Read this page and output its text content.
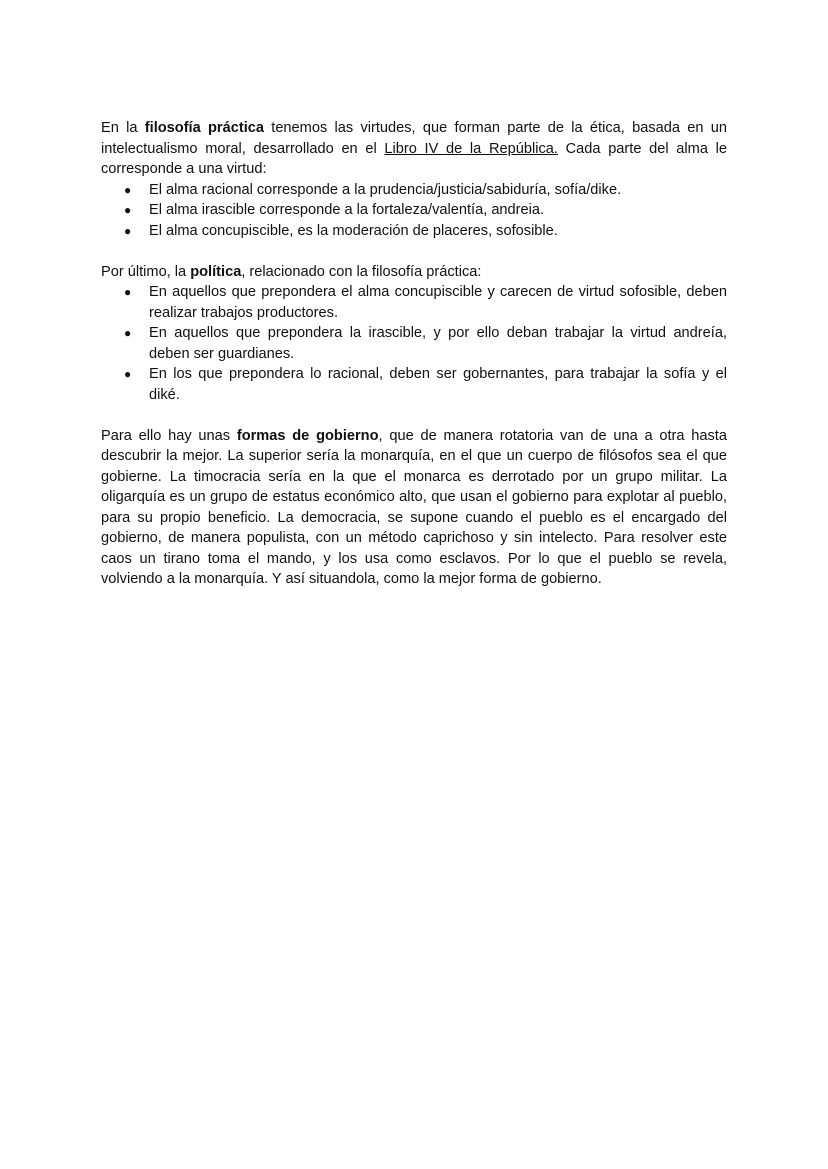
En la filosofía práctica tenemos las virtudes, que forman parte de la ética, basada en un intelectualismo moral, desarrollado en el Libro IV de la República. Cada parte del alma le corresponde a una virtud:

● El alma racional corresponde a la prudencia/justicia/sabiduría, sofía/dike.
● El alma irascible corresponde a la fortaleza/valentía, andreia.
● El alma concupiscible, es la moderación de placeres, sofosible.

Por último, la política, relacionado con la filosofía práctica:

● En aquellos que prepondera el alma concupiscible y carecen de virtud sofosible, deben realizar trabajos productores.
● En aquellos que prepondera la irascible, y por ello deban trabajar la virtud andreía, deben ser guardianes.
● En los que prepondera lo racional, deben ser gobernantes, para trabajar la sofía y el diké.

Para ello hay unas formas de gobierno, que de manera rotatoria van de una a otra hasta descubrir la mejor. La superior sería la monarquía, en el que un cuerpo de filósofos sea el que gobierne. La timocracia sería en la que el monarca es derrotado por un grupo militar. La oligarquía es un grupo de estatus económico alto, que usan el gobierno para explotar al pueblo, para su propio beneficio. La democracia, se supone cuando el pueblo es el encargado del gobierno, de manera populista, con un método caprichoso y sin intelecto. Para resolver este caos un tirano toma el mando, y los usa como esclavos. Por lo que el pueblo se revela, volviendo a la monarquía. Y así situandola, como la mejor forma de gobierno.
